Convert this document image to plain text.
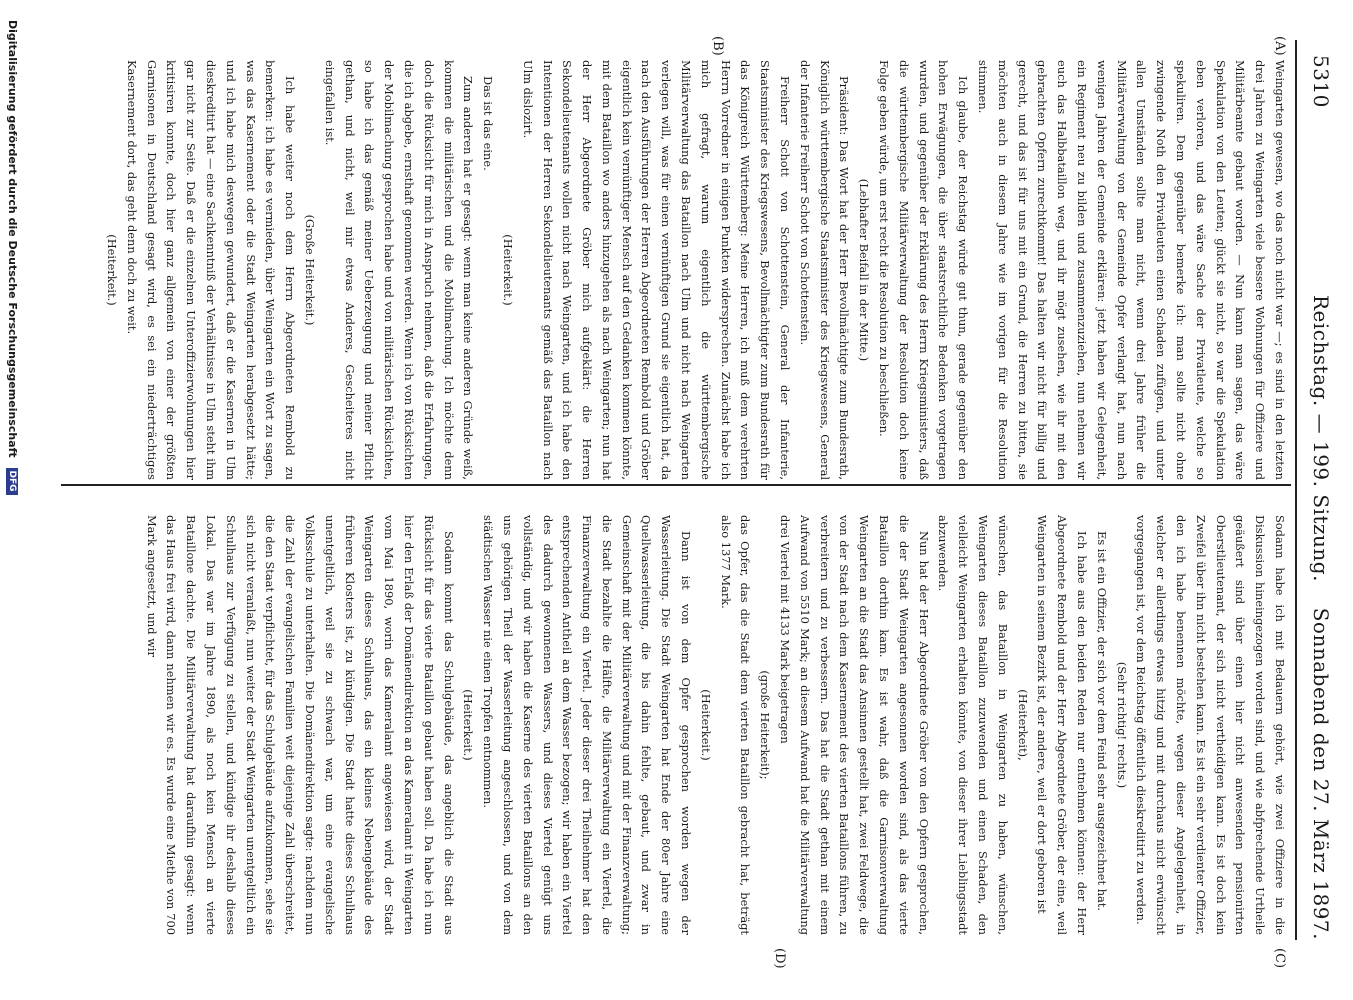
5310
Reichstag. — 199. Sitzung.
Sonnabend den 27. März 1897.
(A)
(B)
(C)
(D)

Weingarten gewesen, wo das noch nicht war —; es sind in den letzten drei Jahren zu Weingarten viele bessere Wohnungen für Offiziere und Militärbeamte gebaut worden. — Nun kann man sagen, das wäre Spekulation von den Leuten; glückt sie nicht, so war die Spekulation eben verloren, und das wäre Sache der Privatleute, welche so spekuliren. Dem gegenüber bemerke ich: man sollte nicht ohne zwingende Noth den Privatleuten einen Schaden zufügen, und unter allen Umständen sollte man nicht, wenn drei Jahre früher die Militärverwaltung von der Gemeinde Opfer verlangt hat, nun nach wenigen Jahren der Gemeinde erklären: jetzt haben wir Gelegenheit, ein Regiment neu zu bilden und zusammenzuziehen, nun nehmen wir euch das Halbbataillon weg, und ihr mögt zusehen, wie ihr mit den gebrachten Opfern zurechtkommt! Das halten wir nicht für billig und gerecht, und das ist für uns mit ein Grund, die Herren zu bitten, sie möchten auch in diesem Jahre wie im vorigen für die Resolution stimmen.

Ich glaube, der Reichstag würde gut thun, gerade gegenüber den hohen Erwägungen, die über staatsrechtliche Bedenken vorgetragen wurden, und gegenüber der Erklärung des Herrn Kriegsministers, daß die württembergische Militärverwaltung der Resolution doch keine Folge geben würde, um erst recht die Resolution zu beschließen.

(Lebhafter Beifall in der Mitte.)

Präsident: Das Wort hat der Herr Bevollmächtigte zum Bundesrath, Königlich württembergische Staatsminister des Kriegswesens, General der Infanterie Freiherr Schott von Schottenstein.

Freiherr Schott von Schottenstein, General der Infanterie, Staatsminister des Kriegswesens, Bevollmächtigter zum Bundesrath für das Königreich Württemberg: Meine Herren, ich muß dem verehrten Herrn Vorredner in einigen Punkten widersprechen. Zunächst habe ich mich gefragt, warum eigentlich die württembergische Militärverwaltung das Bataillon nach Ulm und nicht nach Weingarten verlegen will, was für einen vernünftigen Grund sie eigentlich hat, da nach den Ausführungen der Herren Abgeordneten Rembold und Gröber eigentlich kein vernünftiger Mensch auf den Gedanken kommen könnte, mit dem Bataillon wo anders hinzugehen als nach Weingarten; nun hat der Herr Abgeordnete Gröber mich aufgeklärt: die Herren Sekondelieutenants wollen nicht nach Weingarten, und ich habe den Intentionen der Herren Sekondelieutenants gemäß das Bataillon nach Ulm dislozirt.

(Heiterkeit.)

Das ist das eine.

Zum anderen hat er gesagt: wenn man keine anderen Gründe weiß, kommen die militärischen und die Mobilmachung. Ich möchte denn doch die Rücksicht für mich in Anspruch nehmen, daß die Erfahrungen, die ich abgebe, ernsthaft genommen werden. Wenn ich von Rücksichten der Mobilmachung gesprochen habe und von militärischen Rücksichten, so habe ich das gemäß meiner Ueberzeugung und meiner Pflicht gethan, und nicht, weil mir etwas Anderes, Gescheiteres nicht eingefallen ist.

(Große Heiterkeit.)

Ich habe weiter noch dem Herrn Abgeordneten Rembold zu bemerken: ich habe es vermieden, über Weingarten ein Wort zu sagen, was das Kasernement oder die Stadt Weingarten herabgesetzt hätte; und ich habe mich deswegen gewundert, daß er die Kasernen in Ulm dieskreditirt hat — eine Sachkenntniß der Verhältnisse in Ulm steht ihm gar nicht zur Seite. Daß er die einzelnen Unteroffizierwohnungen hier kritisiren konnte, doch hier ganz allgemein von einer der größten Garnisonen in Deutschland gesagt wird, es sei ein niederträchtiges Kasernement dort, das geht denn doch zu weit.

(Heiterkeit.)

Sodann habe ich mit Bedauern gehört, wie zwei Offiziere in die Diskussion hineingezogen worden sind, und wie abfprechende Urtheile geäußert sind über einen hier nicht anwesenden pensionirten Oberstlieutenant, der sich nicht vertheidigen kann. Es ist doch kein Zweifel über ihn nicht bestehen kann. Es ist ein sehr verdienter Offizier, den ich habe benennen möchte, wegen dieser Angelegenheit, in welcher er allerdings etwas hitzig und mit durchaus nicht erwünscht vorgegangen ist, vor dem Reichstag öffentlich dieskreditirt zu werden.

(Sehr richtig! rechts.)

Es ist ein Offizier, der sich vor dem Feind sehr ausgezeichnet hat.

Ich habe aus den beiden Reden nur entnehmen können: der Herr Abgeordnete Rembold und der Herr Abgeordnete Gröber, der eine, weil Weingarten in seinem Bezirk ist, der andere, weil er dort geboren ist

(Heiterkeit),

wünschen, das Bataillon in Weingarten zu haben, wünschen, Weingarten dieses Bataillon zuzuwenden und einen Schaden, den vielleicht Weingarten erhalten könnte, von dieser ihrer Lieblingsstadt abzuwenden.

Nun hat der Herr Abgeordnete Gröber von den Opfern gesprochen, die der Stadt Weingarten angesonnen worden sind, als das vierte Bataillon dorthin kam. Es ist wahr, daß die Garnisonverwaltung Weingarten an die Stadt das Ansinnen gestellt hat, zwei Feldwege, die von der Stadt nach dem Kasernement des vierten Bataillons führen, zu verbreitern und zu verbessern. Das hat die Stadt gethan mit einem Aufwand von 5510 Mark; an diesem Aufwand hat die Militärverwaltung drei Viertel mit 4133 Mark beigetragen

(große Heiterkeit);

das Opfer, das die Stadt dem vierten Bataillon gebracht hat, beträgt also 1377 Mark.

(Heiterkeit.)

Dann ist von dem Opfer gesprochen worden wegen der Wasserleitung. Die Stadt Weingarten hat Ende der 80er Jahre eine Quellwasserleitung, die bis dahin fehlte, gebaut, und zwar in Gemeinschaft mit der Militärverwaltung und mit der Finanzverwaltung; die Stadt bezahlte die Hälfte, die Militärverwaltung ein Viertel, die Finanzverwaltung ein Viertel. Jeder dieser drei Theilnehmer hat den entsprechenden Antheil an dem Wasser bezogen; wir haben ein Viertel des dadurch gewonnenen Wassers, und dieses Viertel genügt uns vollständig, und wir haben die Kaserne des vierten Bataillons an den uns gehörigen Theil der Wasserleitung angeschlossen, und von dem städtischen Wasser nie einen Tropfen entnommen.

(Heiterkeit.)

Sodann kommt das Schulgebäude, das angeblich die Stadt aus Rücksicht für das vierte Bataillon gebaut haben soll. Da habe ich nun hier den Erlaß der Domänendirektion an das Kameralamt in Weingarten vom Mai 1890, worin das Kameralamt angewiesen wird, der Stadt Weingarten dieses Schulhaus, das ein kleines Nebengebäude des früheren Klosters ist, zu kündigen. Die Stadt hatte dieses Schulhaus unentgeltlich, weil sie zu schwach war, um eine evangelische Volksschule zu unterhalten. Die Domänendirektion sagte: nachdem nun die Zahl der evangelischen Familien weit diejenige Zahl überschreitet, die den Staat verpflichtet, für das Schulgebäude aufzukommen, sehe sie sich nicht veranlaßt, nun weiter der Stadt Weingarten unentgeltlich ein Schulhaus zur Verfügung zu stellen, und kündige ihr deshalb dieses Lokal. Das war im Jahre 1890, als noch kein Mensch an vierte Bataillone dachte. Die Militärverwaltung hat daraufhin gesagt: wenn das Haus frei wird, dann nehmen wir es. Es wurde eine Miethe von 700 Mark angesetzt, und wir

Digitalisierung gefördert durch die Deutsche Forschungsgemeinschaft DFG
